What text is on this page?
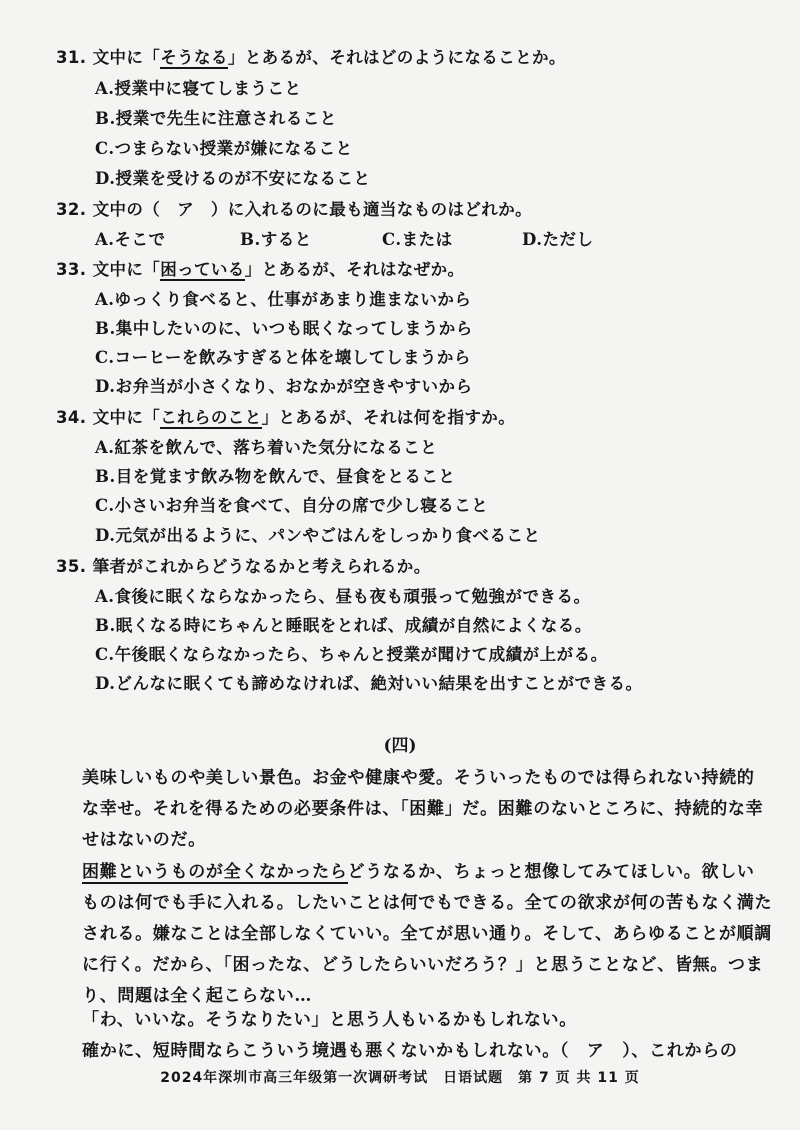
31. 文中に「そうなる」とあるが、それはどのようになることか。
A.授業中に寝てしまうこと
B.授業で先生に注意されること
C.つまらない授業が嫌になること
D.授業を受けるのが不安になること
32. 文中の（　ア　）に入れるのに最も適当なものはどれか。
A.そこで	B.すると	C.または	D.ただし
33. 文中に「困っている」とあるが、それはなぜか。
A.ゆっくり食べると、仕事があまり進まないから
B.集中したいのに、いつも眠くなってしまうから
C.コーヒーを飲みすぎると体を壊してしまうから
D.お弁当が小さくなり、おなかが空きやすいから
34. 文中に「これらのこと」とあるが、それは何を指すか。
A.紅茶を飲んで、落ち着いた気分になること
B.目を覚ます飲み物を飲んで、昼食をとること
C.小さいお弁当を食べて、自分の席で少し寝ること
D.元気が出るように、パンやごはんをしっかり食べること
35. 筆者がこれからどうなるかと考えられるか。
A.食後に眠くならなかったら、昼も夜も頑張って勉強ができる。
B.眠くなる時にちゃんと睡眠をとれば、成績が自然によくなる。
C.午後眠くならなかったら、ちゃんと授業が聞けて成績が上がる。
D.どんなに眠くても諦めなければ、絶対いい結果を出すことができる。
(四)
美味しいものや美しい景色。お金や健康や愛。そういったものでは得られない持続的
な幸せ。それを得るための必要条件は、「困難」だ。困難のないところに、持続的な幸
せはないのだ。
困難というものが全くなかったらどうなるか、ちょっと想像してみてほしい。欲しい
ものは何でも手に入れる。したいことは何でもできる。全ての欲求が何の苦もなく満た
される。嫌なことは全部しなくていい。全てが思い通り。そして、あらゆることが順調
に行く。だから、「困ったな、どうしたらいいだろう？」と思うことなど、皆無。つま
り、問題は全く起こらない…
「わ、いいな。そうなりたい」と思う人もいるかもしれない。
確かに、短時間ならこういう境遇も悪くないかもしれない。（　ア　）、これからの
2024年深圳市高三年级第一次调研考试　日语试题　第 7 页 共 11 页
